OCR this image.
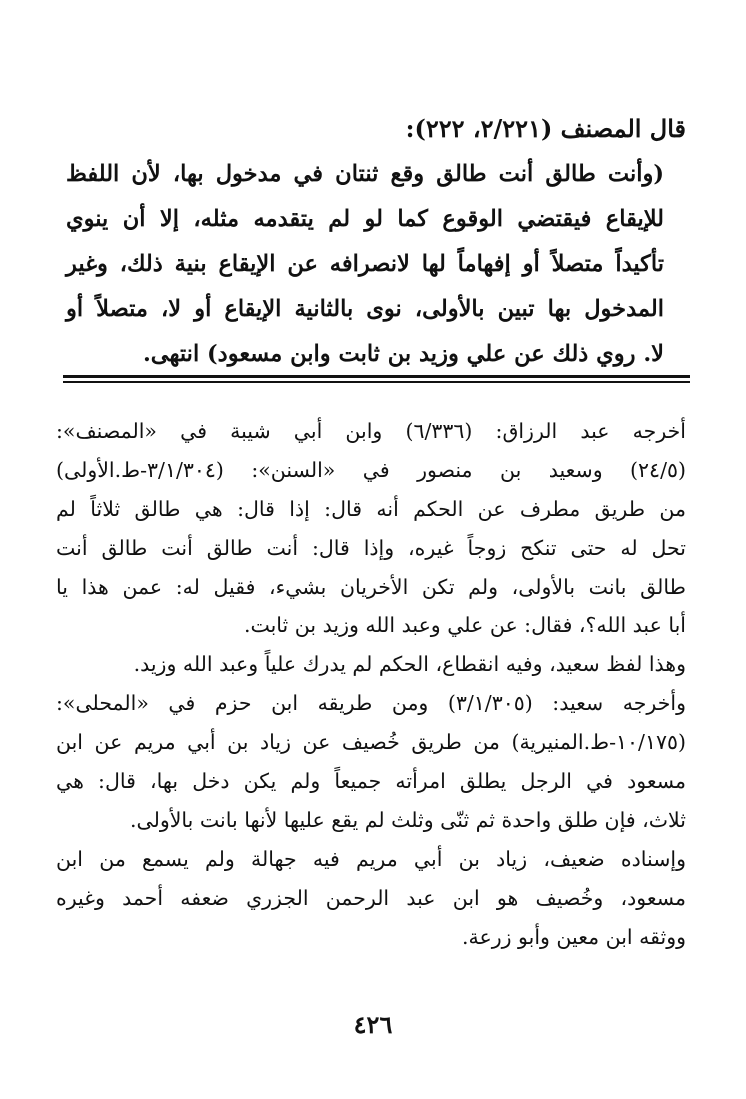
قال المصنف (٢/٢٢١، ٢٢٢):
(وأنت طالق أنت طالق وقع ثنتان في مدخول بها، لأن اللفظ
للإيقاع فيقتضي الوقوع كما لو لم يتقدمه مثله، إلا أن ينوي
تأكيداً متصلاً أو إفهاماً لها لانصرافه عن الإيقاع بنية ذلك، وغير
المدخول بها تبين بالأولى، نوى بالثانية الإيقاع أو لا، متصلاً أو
لا. روي ذلك عن علي وزيد بن ثابت وابن مسعود) انتهى.
أخرجه عبد الرزاق: (٦/٣٣٦) وابن أبي شيبة في «المصنف»:
(٢٤/٥) وسعيد بن منصور في «السنن»: (٣/١/٣٠٤-ط.الأولى)
من طريق مطرف عن الحكم أنه قال: إذا قال: هي طالق ثلاثاً لم
تحل له حتى تنكح زوجاً غيره، وإذا قال: أنت طالق أنت طالق أنت
طالق بانت بالأولى، ولم تكن الأخريان بشيء، فقيل له: عمن هذا يا
أبا عبد الله؟، فقال: عن علي وعبد الله وزيد بن ثابت.
وهذا لفظ سعيد، وفيه انقطاع، الحكم لم يدرك علياً وعبد الله وزيد.
وأخرجه سعيد: (٣/١/٣٠٥) ومن طريقه ابن حزم في «المحلى»:
(١٠/١٧٥-ط.المنيرية) من طريق خُصيف عن زياد بن أبي مريم عن ابن
مسعود في الرجل يطلق امرأته جميعاً ولم يكن دخل بها، قال: هي
ثلاث، فإن طلق واحدة ثم ثنّى وثلث لم يقع عليها لأنها بانت بالأولى.
وإسناده ضعيف، زياد بن أبي مريم فيه جهالة ولم يسمع من ابن
مسعود، وخُصيف هو ابن عبد الرحمن الجزري ضعفه أحمد وغيره
ووثقه ابن معين وأبو زرعة.
٤٢٦
